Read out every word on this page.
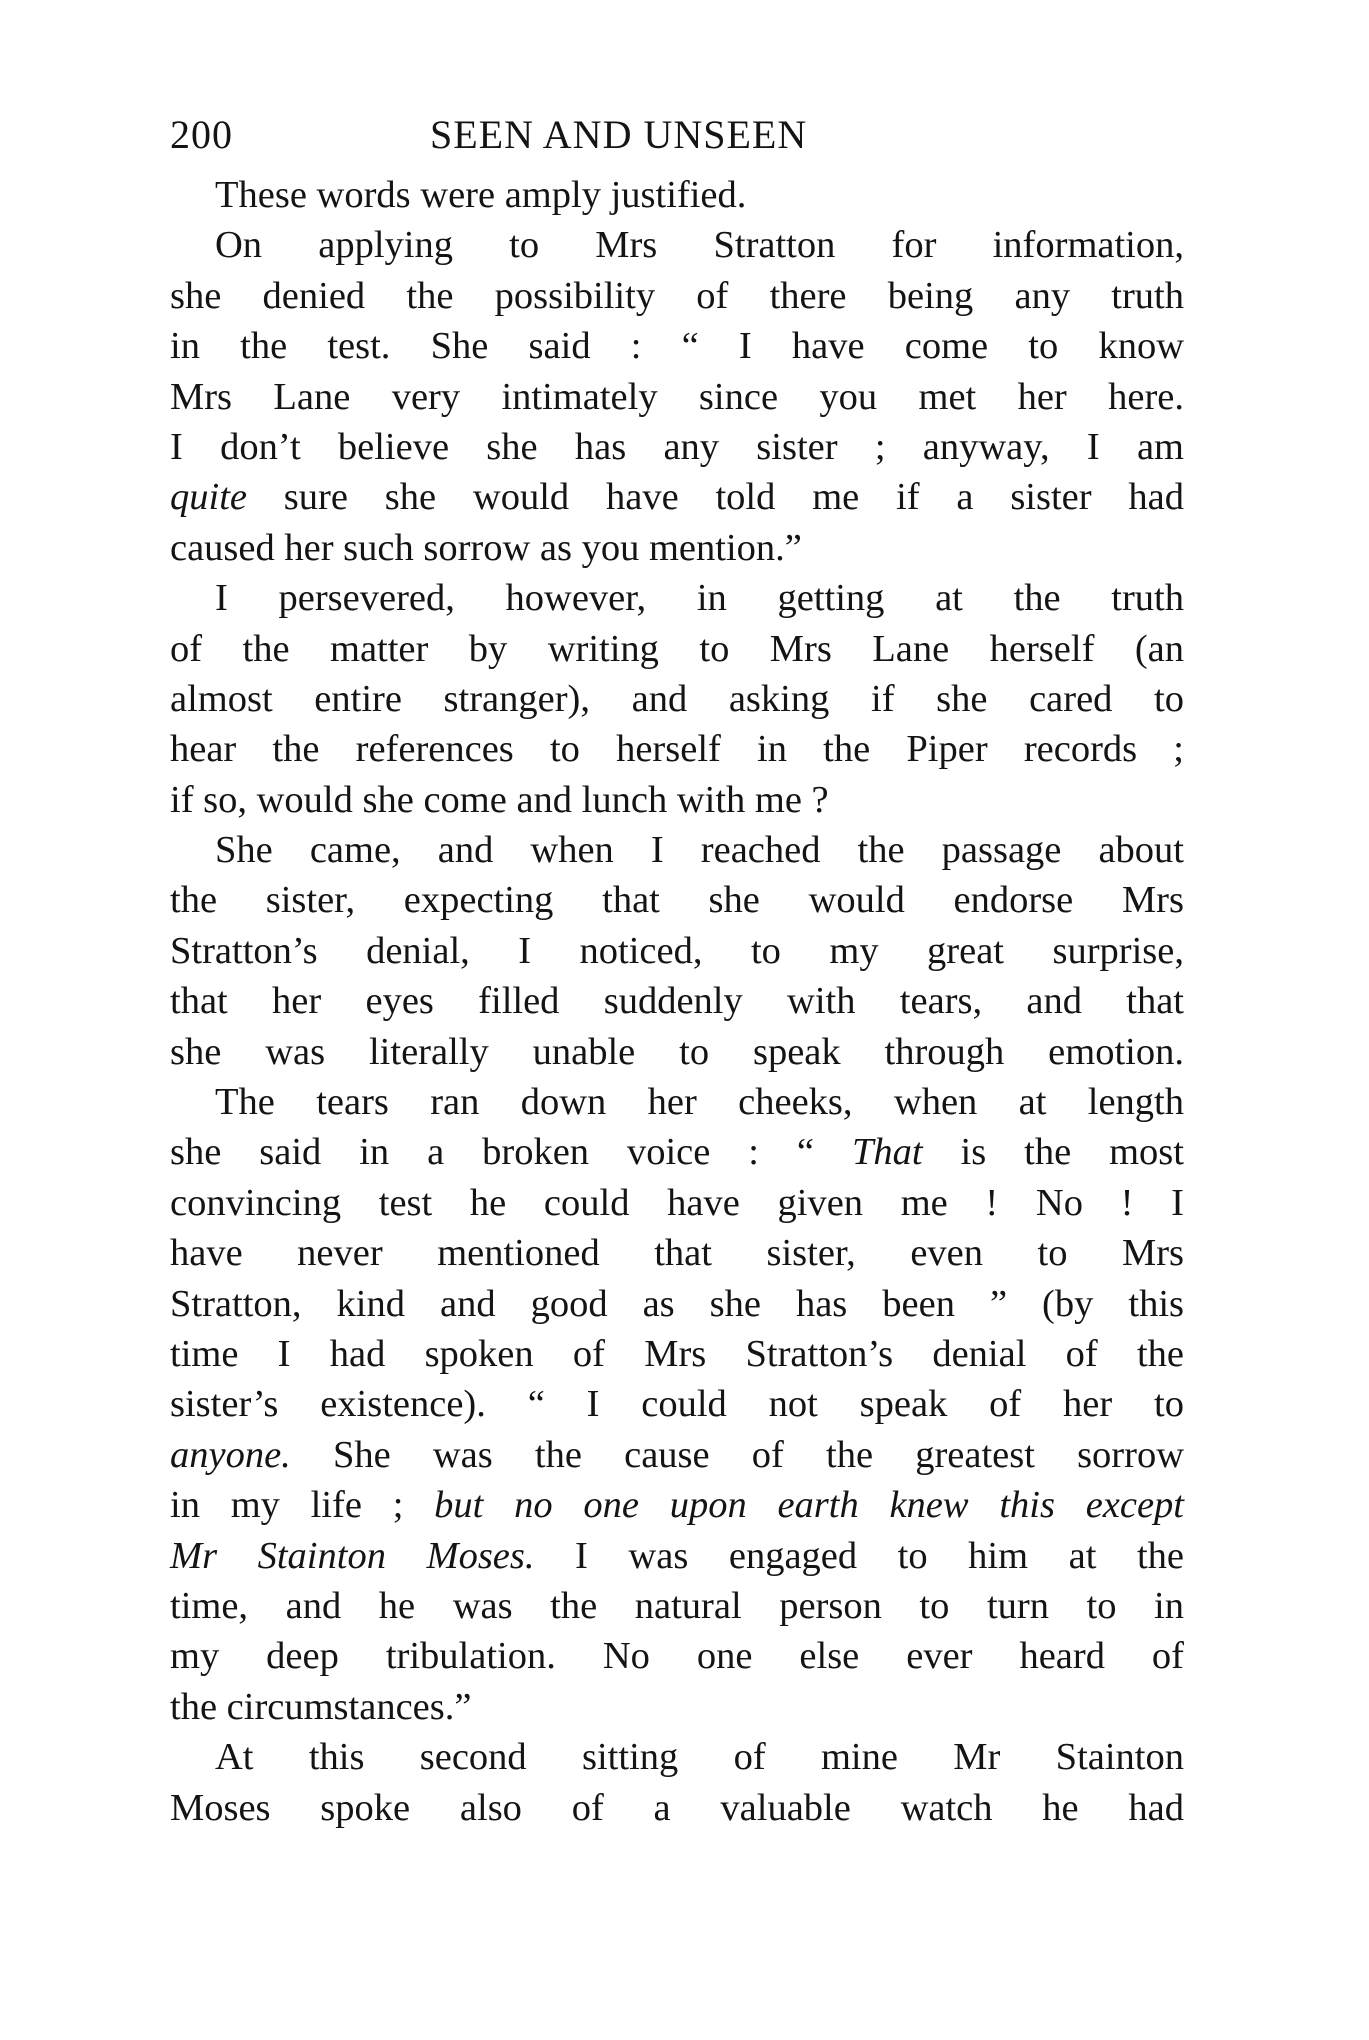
200	SEEN AND UNSEEN
These words were amply justified.
On applying to Mrs Stratton for information,
she denied the possibility of there being any truth
in the test. She said : “ I have come to know
Mrs Lane very intimately since you met her here.
I don’t believe she has any sister ; anyway, I am
quite sure she would have told me if a sister had
caused her such sorrow as you mention.”
I persevered, however, in getting at the truth
of the matter by writing to Mrs Lane herself (an
almost entire stranger), and asking if she cared to
hear the references to herself in the Piper records ;
if so, would she come and lunch with me ?
She came, and when I reached the passage about
the sister, expecting that she would endorse Mrs
Stratton’s denial, I noticed, to my great surprise,
that her eyes filled suddenly with tears, and that
she was literally unable to speak through emotion.
The tears ran down her cheeks, when at length
she said in a broken voice : “ That is the most
convincing test he could have given me ! No ! I
have never mentioned that sister, even to Mrs
Stratton, kind and good as she has been ” (by this
time I had spoken of Mrs Stratton’s denial of the
sister’s existence). “ I could not speak of her to
anyone. She was the cause of the greatest sorrow
in my life ; but no one upon earth knew this except
Mr Stainton Moses. I was engaged to him at the
time, and he was the natural person to turn to in
my deep tribulation. No one else ever heard of
the circumstances.”
At this second sitting of mine Mr Stainton
Moses spoke also of a valuable watch he had
